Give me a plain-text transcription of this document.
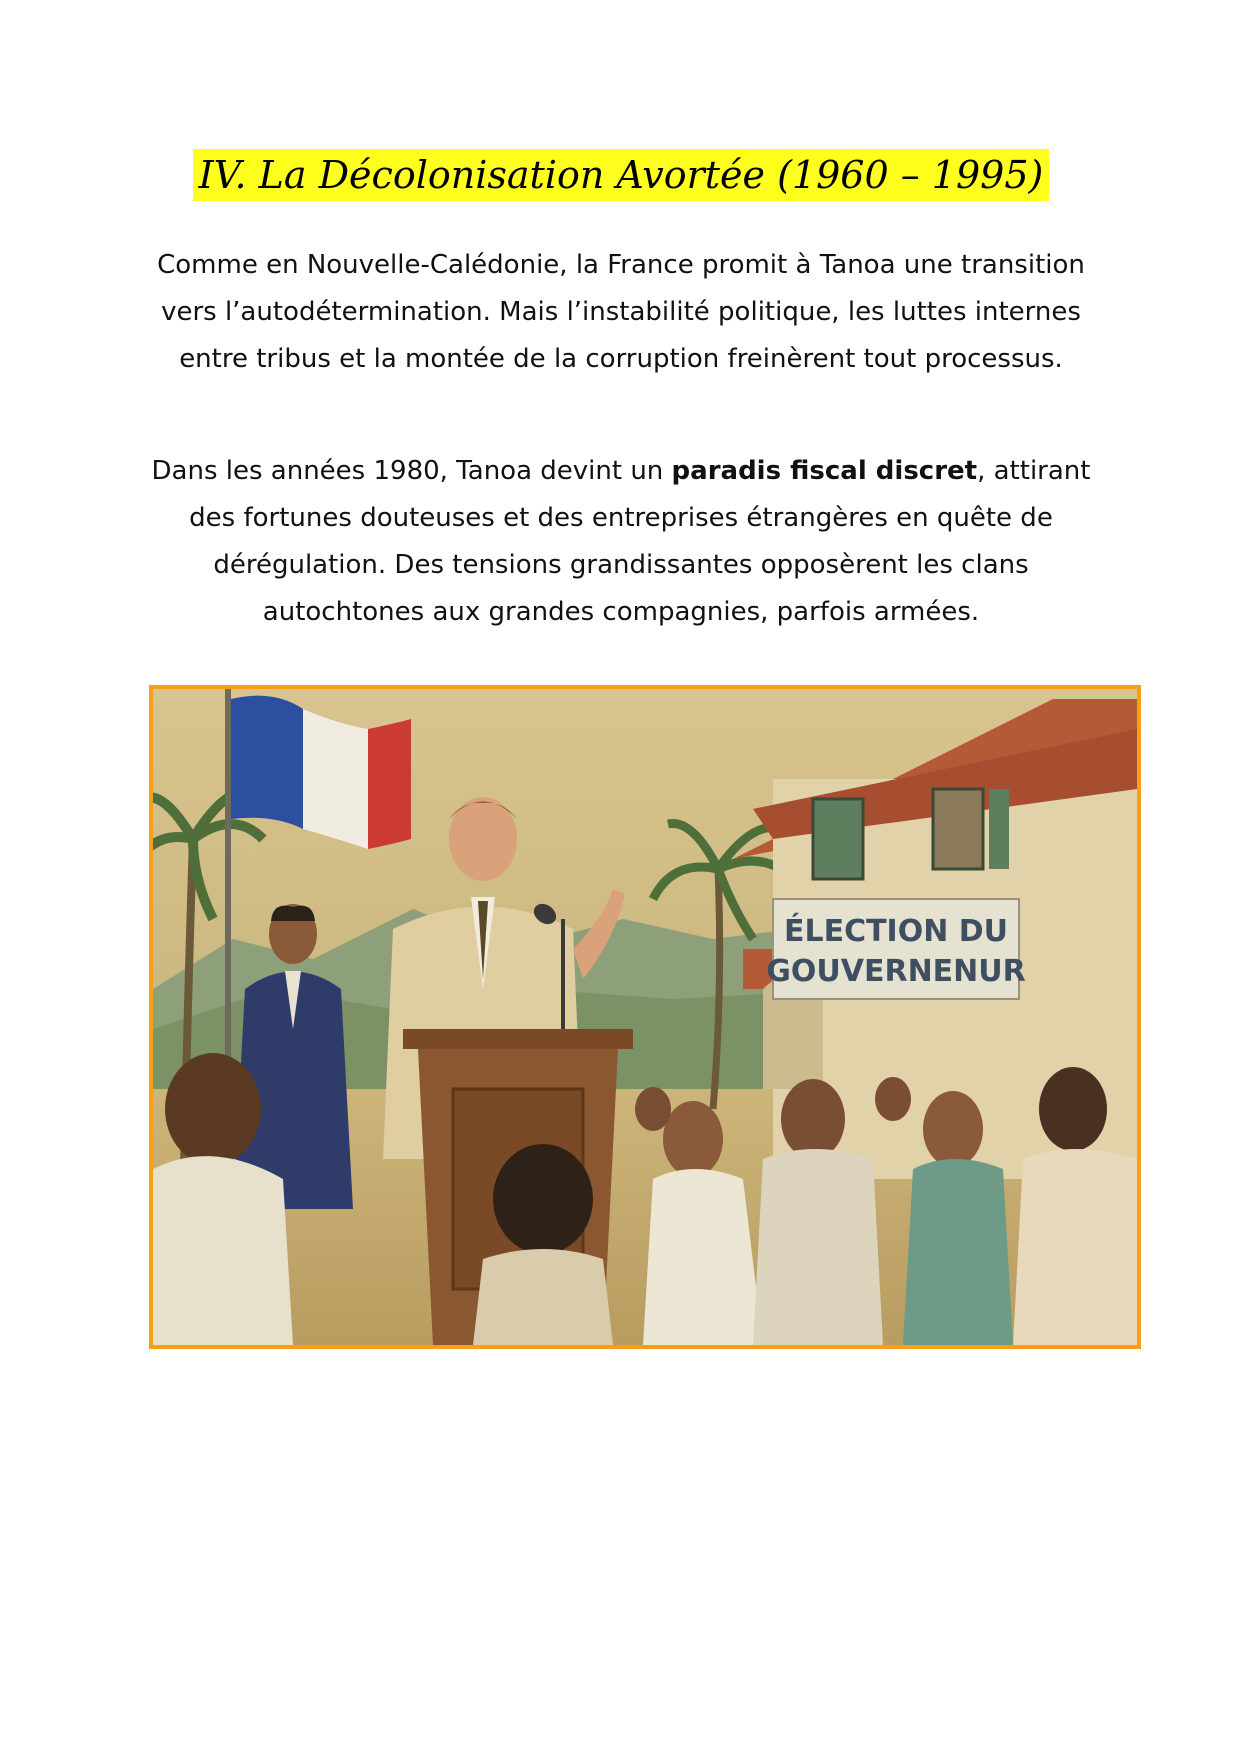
IV. La Décolonisation Avortée (1960 – 1995)

Comme en Nouvelle-Calédonie, la France promit à Tanoa une transition vers l’autodétermination. Mais l’instabilité politique, les luttes internes entre tribus et la montée de la corruption freinèrent tout processus.

Dans les années 1980, Tanoa devint un paradis fiscal discret, attirant des fortunes douteuses et des entreprises étrangères en quête de dérégulation. Des tensions grandissantes opposèrent les clans autochtones aux grandes compagnies, parfois armées.

ÉLECTION DU
GOUVERNENUR
